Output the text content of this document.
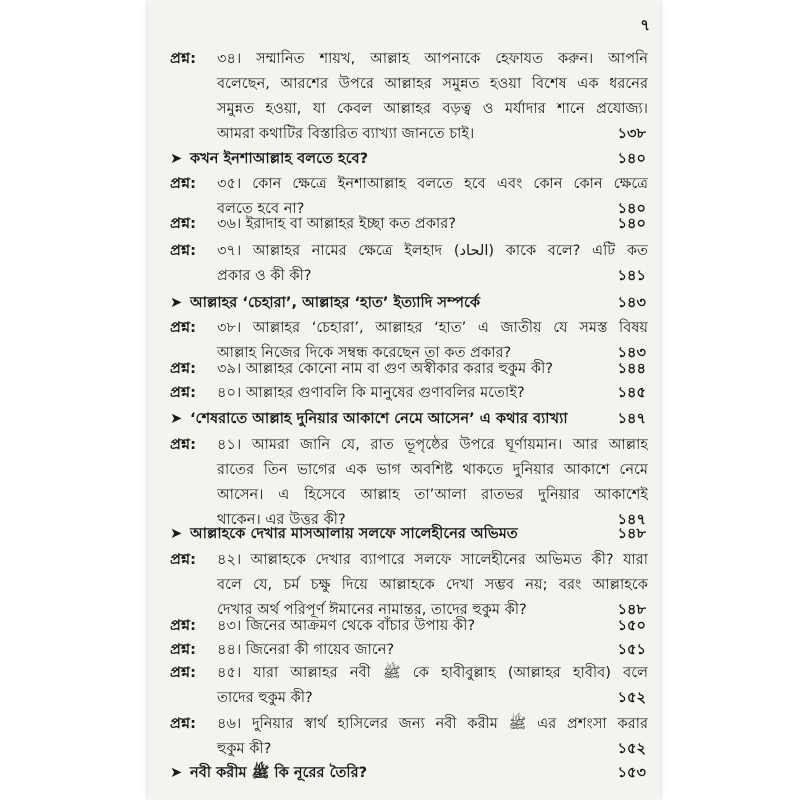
৭
প্রশ্ন:	৩৪। সম্মানিত শায়খ, আল্লাহ আপনাকে হেফাযত করুন। আপনি
বলেছেন, আরশের উপরে আল্লাহর সমুন্নত হওয়া বিশেষ এক ধরনের
সমুন্নত হওয়া, যা কেবল আল্লাহর বড়ত্ব ও মর্যাদার শানে প্রযোজ্য।
আমরা কথাটির বিস্তারিত ব্যাখ্যা জানতে চাই।	১৩৮
➤ কখন ইনশাআল্লাহ বলতে হবে?	১৪০
প্রশ্ন:	৩৫। কোন ক্ষেত্রে ইনশাআল্লাহ বলতে হবে এবং কোন কোন ক্ষেত্রে
বলতে হবে না?	১৪০
প্রশ্ন:	৩৬। ইরাদাহ বা আল্লাহর ইচ্ছা কত প্রকার?	১৪০
প্রশ্ন:	৩৭। আল্লাহর নামের ক্ষেত্রে ইলহাদ (الحاد) কাকে বলে? এটি কত
প্রকার ও কী কী?	১৪১
➤ আল্লাহর ‘চেহারা’, আল্লাহর ‘হাত’ ইত্যাদি সম্পর্কে	১৪৩
প্রশ্ন:	৩৮। আল্লাহর ‘চেহারা’, আল্লাহর ‘হাত’ এ জাতীয় যে সমস্ত বিষয়
আল্লাহ নিজের দিকে সম্বন্ধ করেছেন তা কত প্রকার?	১৪৩
প্রশ্ন:	৩৯। আল্লাহর কোনো নাম বা গুণ অস্বীকার করার হুকুম কী?	১৪৪
প্রশ্ন:	৪০। আল্লাহর গুণাবলি কি মানুষের গুণাবলির মতোই?	১৪৫
➤ ‘শেষরাতে আল্লাহ দুনিয়ার আকাশে নেমে আসেন’ এ কথার ব্যাখ্যা	১৪৭
প্রশ্ন:	৪১। আমরা জানি যে, রাত ভূপৃষ্ঠের উপরে ঘূর্ণায়মান। আর আল্লাহ
রাতের তিন ভাগের এক ভাগ অবশিষ্ট থাকতে দুনিয়ার আকাশে নেমে
আসেন। এ হিসেবে আল্লাহ তা’আলা রাতভর দুনিয়ার আকাশেই
থাকেন। এর উত্তর কী?	১৪৭
➤ আল্লাহকে দেখার মাসআলায় সলফে সালেহীনের অভিমত	১৪৮
প্রশ্ন:	৪২। আল্লাহকে দেখার ব্যাপারে সলফে সালেহীনের অভিমত কী? যারা
বলে যে, চর্ম চক্ষু দিয়ে আল্লাহকে দেখা সম্ভব নয়; বরং আল্লাহকে
দেখার অর্থ পরিপূর্ণ ঈমানের নামান্তর, তাদের হুকুম কী?	১৪৮
প্রশ্ন:	৪৩। জিনের আক্রমণ থেকে বাঁচার উপায় কী?	১৫০
প্রশ্ন:	৪৪। জিনেরা কী গায়েব জানে?	১৫১
প্রশ্ন:	৪৫। যারা আল্লাহর নবী ﷺ কে হাবীবুল্লাহ (আল্লাহর হাবীব) বলে
তাদের হুকুম কী?	১৫২
প্রশ্ন:	৪৬। দুনিয়ার স্বার্থ হাসিলের জন্য নবী করীম ﷺ এর প্রশংসা করার
হুকুম কী?	১৫২
➤ নবী করীম ﷺ কি নূরের তৈরি?	১৫৩
